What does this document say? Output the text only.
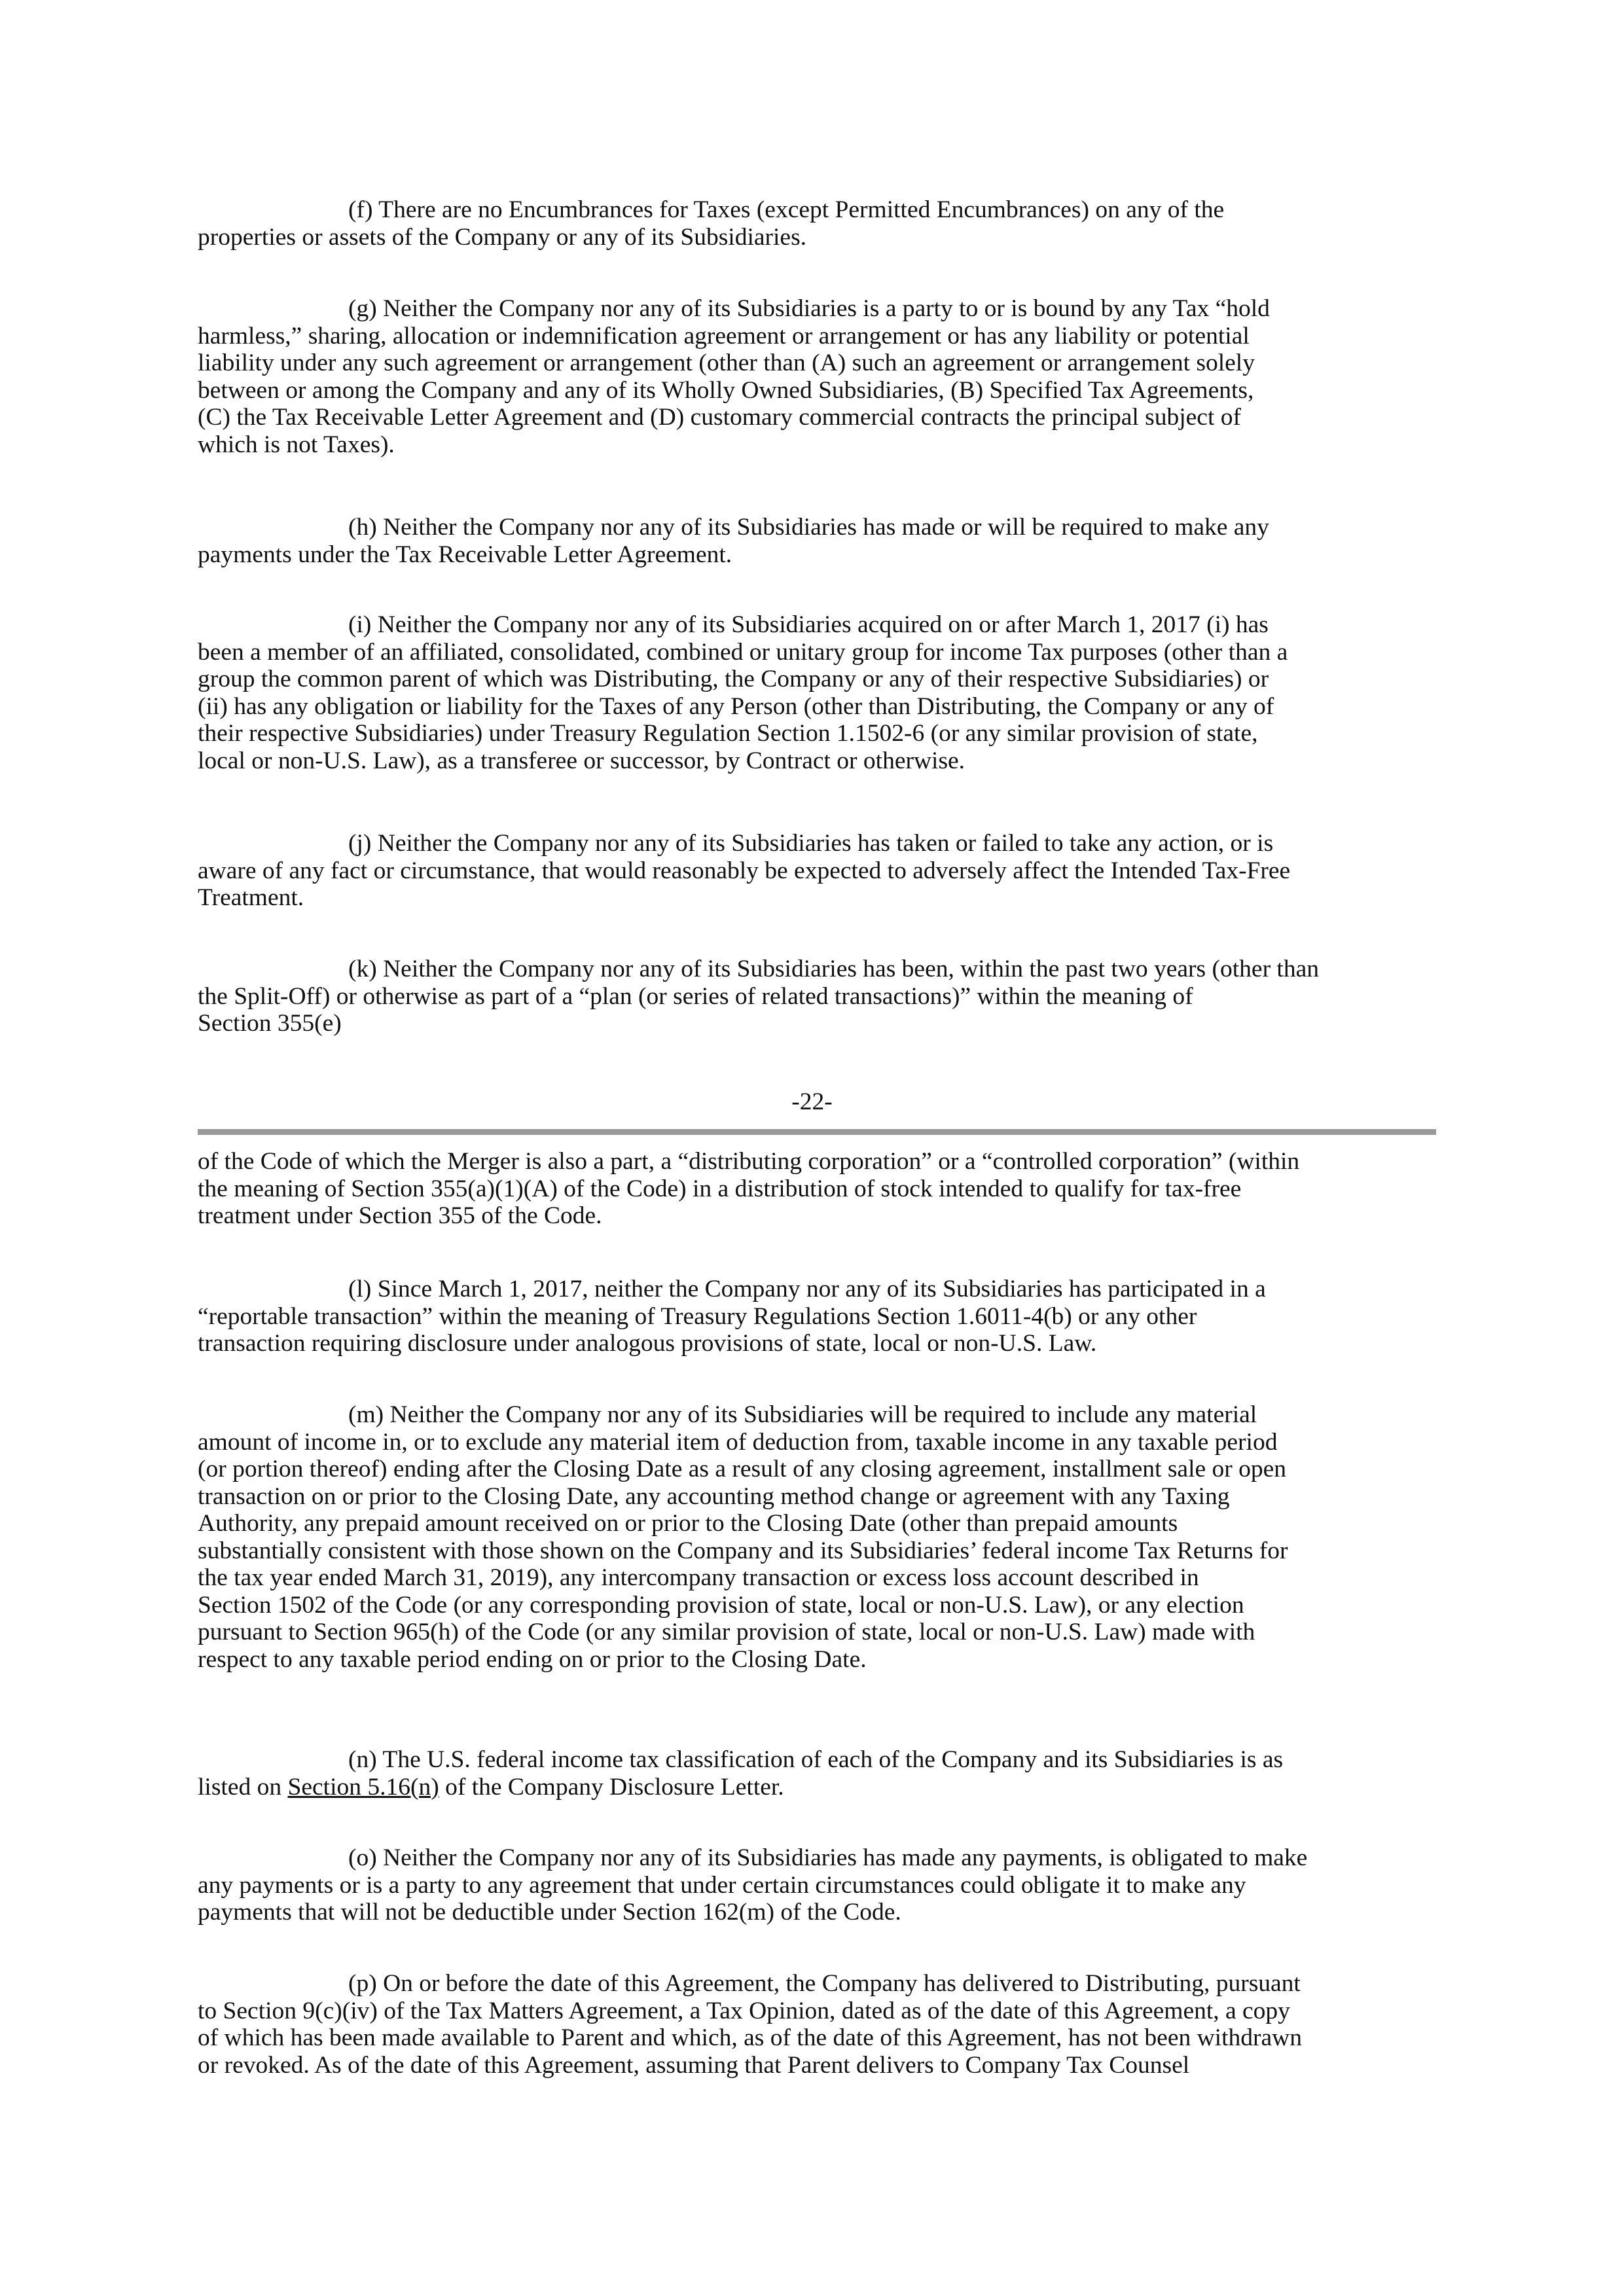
(f) There are no Encumbrances for Taxes (except Permitted Encumbrances) on any of the
properties or assets of the Company or any of its Subsidiaries.

(g) Neither the Company nor any of its Subsidiaries is a party to or is bound by any Tax “hold
harmless,” sharing, allocation or indemnification agreement or arrangement or has any liability or potential
liability under any such agreement or arrangement (other than (A) such an agreement or arrangement solely
between or among the Company and any of its Wholly Owned Subsidiaries, (B) Specified Tax Agreements,
(C) the Tax Receivable Letter Agreement and (D) customary commercial contracts the principal subject of
which is not Taxes).

(h) Neither the Company nor any of its Subsidiaries has made or will be required to make any
payments under the Tax Receivable Letter Agreement.

(i) Neither the Company nor any of its Subsidiaries acquired on or after March 1, 2017 (i) has
been a member of an affiliated, consolidated, combined or unitary group for income Tax purposes (other than a
group the common parent of which was Distributing, the Company or any of their respective Subsidiaries) or
(ii) has any obligation or liability for the Taxes of any Person (other than Distributing, the Company or any of
their respective Subsidiaries) under Treasury Regulation Section 1.1502-6 (or any similar provision of state,
local or non-U.S. Law), as a transferee or successor, by Contract or otherwise.

(j) Neither the Company nor any of its Subsidiaries has taken or failed to take any action, or is
aware of any fact or circumstance, that would reasonably be expected to adversely affect the Intended Tax-Free
Treatment.

(k) Neither the Company nor any of its Subsidiaries has been, within the past two years (other than
the Split-Off) or otherwise as part of a “plan (or series of related transactions)” within the meaning of
Section 355(e)

-22-

of the Code of which the Merger is also a part, a “distributing corporation” or a “controlled corporation” (within
the meaning of Section 355(a)(1)(A) of the Code) in a distribution of stock intended to qualify for tax-free
treatment under Section 355 of the Code.

(l) Since March 1, 2017, neither the Company nor any of its Subsidiaries has participated in a
“reportable transaction” within the meaning of Treasury Regulations Section 1.6011-4(b) or any other
transaction requiring disclosure under analogous provisions of state, local or non-U.S. Law.

(m) Neither the Company nor any of its Subsidiaries will be required to include any material
amount of income in, or to exclude any material item of deduction from, taxable income in any taxable period
(or portion thereof) ending after the Closing Date as a result of any closing agreement, installment sale or open
transaction on or prior to the Closing Date, any accounting method change or agreement with any Taxing
Authority, any prepaid amount received on or prior to the Closing Date (other than prepaid amounts
substantially consistent with those shown on the Company and its Subsidiaries’ federal income Tax Returns for
the tax year ended March 31, 2019), any intercompany transaction or excess loss account described in
Section 1502 of the Code (or any corresponding provision of state, local or non-U.S. Law), or any election
pursuant to Section 965(h) of the Code (or any similar provision of state, local or non-U.S. Law) made with
respect to any taxable period ending on or prior to the Closing Date.

(n) The U.S. federal income tax classification of each of the Company and its Subsidiaries is as
listed on Section 5.16(n) of the Company Disclosure Letter.

(o) Neither the Company nor any of its Subsidiaries has made any payments, is obligated to make
any payments or is a party to any agreement that under certain circumstances could obligate it to make any
payments that will not be deductible under Section 162(m) of the Code.

(p) On or before the date of this Agreement, the Company has delivered to Distributing, pursuant
to Section 9(c)(iv) of the Tax Matters Agreement, a Tax Opinion, dated as of the date of this Agreement, a copy
of which has been made available to Parent and which, as of the date of this Agreement, has not been withdrawn
or revoked. As of the date of this Agreement, assuming that Parent delivers to Company Tax Counsel
